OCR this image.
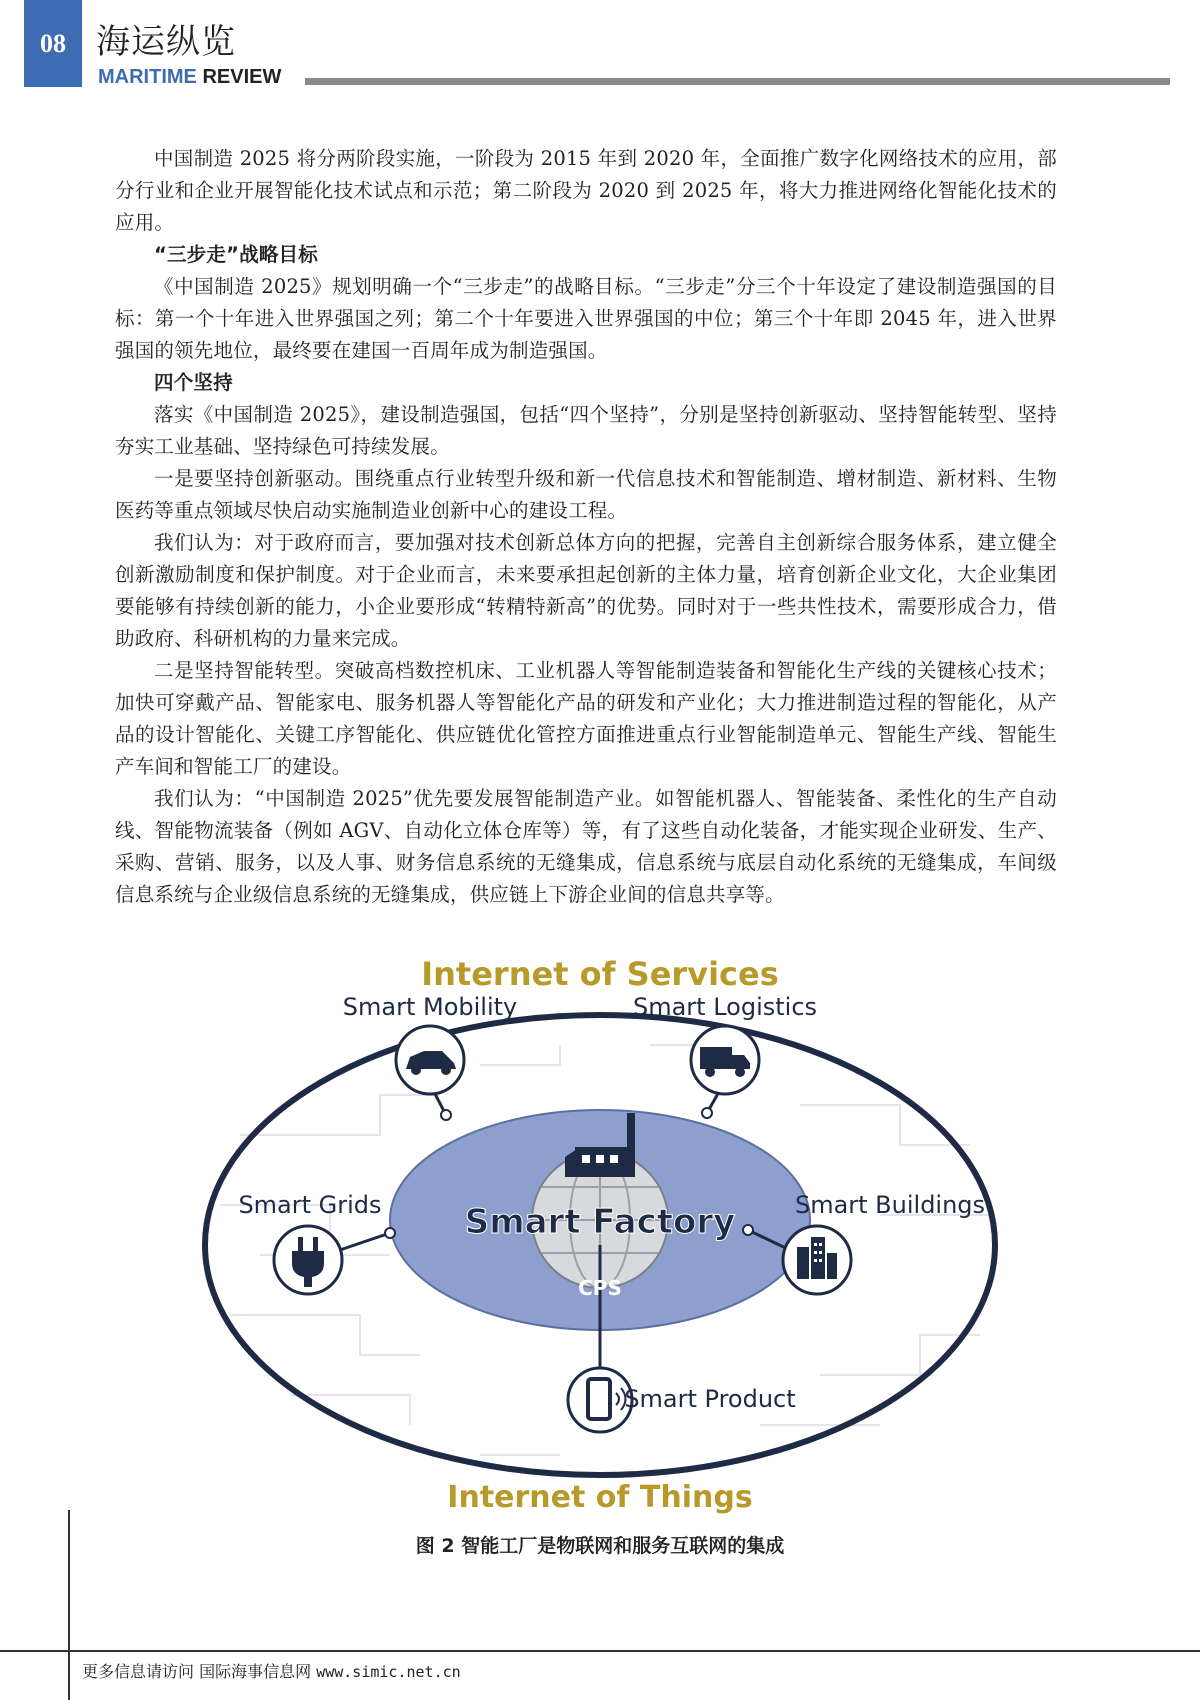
08 海运纵览
MARITIME REVIEW

中国制造 2025 将分两阶段实施，一阶段为 2015 年到 2020 年，全面推广数字化网络技术的应用，部分行业和企业开展智能化技术试点和示范；第二阶段为 2020 到 2025 年，将大力推进网络化智能化技术的应用。

“三步走”战略目标

《中国制造 2025》规划明确一个“三步走”的战略目标。“三步走”分三个十年设定了建设制造强国的目标：第一个十年进入世界强国之列；第二个十年要进入世界强国的中位；第三个十年即 2045 年，进入世界强国的领先地位，最终要在建国一百周年成为制造强国。

四个坚持

落实《中国制造 2025》，建设制造强国，包括“四个坚持”，分别是坚持创新驱动、坚持智能转型、坚持夯实工业基础、坚持绿色可持续发展。

一是要坚持创新驱动。围绕重点行业转型升级和新一代信息技术和智能制造、增材制造、新材料、生物医药等重点领域尽快启动实施制造业创新中心的建设工程。

我们认为：对于政府而言，要加强对技术创新总体方向的把握，完善自主创新综合服务体系，建立健全创新激励制度和保护制度。对于企业而言，未来要承担起创新的主体力量，培育创新企业文化，大企业集团要能够有持续创新的能力，小企业要形成“转精特新高”的优势。同时对于一些共性技术，需要形成合力，借助政府、科研机构的力量来完成。

二是坚持智能转型。突破高档数控机床、工业机器人等智能制造装备和智能化生产线的关键核心技术；加快可穿戴产品、智能家电、服务机器人等智能化产品的研发和产业化；大力推进制造过程的智能化，从产品的设计智能化、关键工序智能化、供应链优化管控方面推进重点行业智能制造单元、智能生产线、智能生产车间和智能工厂的建设。

我们认为：“中国制造 2025”优先要发展智能制造产业。如智能机器人、智能装备、柔性化的生产自动线、智能物流装备（例如 AGV、自动化立体仓库等）等，有了这些自动化装备，才能实现企业研发、生产、采购、营销、服务，以及人事、财务信息系统的无缝集成，信息系统与底层自动化系统的无缝集成，车间级信息系统与企业级信息系统的无缝集成，供应链上下游企业间的信息共享等。

Smart Factory
CPS
Smart Mobility	Smart Logistics
Smart Grids	Smart Buildings
Smart Product
Internet of Services
Internet of Things
图 2 智能工厂是物联网和服务互联网的集成
更多信息请访问 国际海事信息网 www.simic.net.cn
